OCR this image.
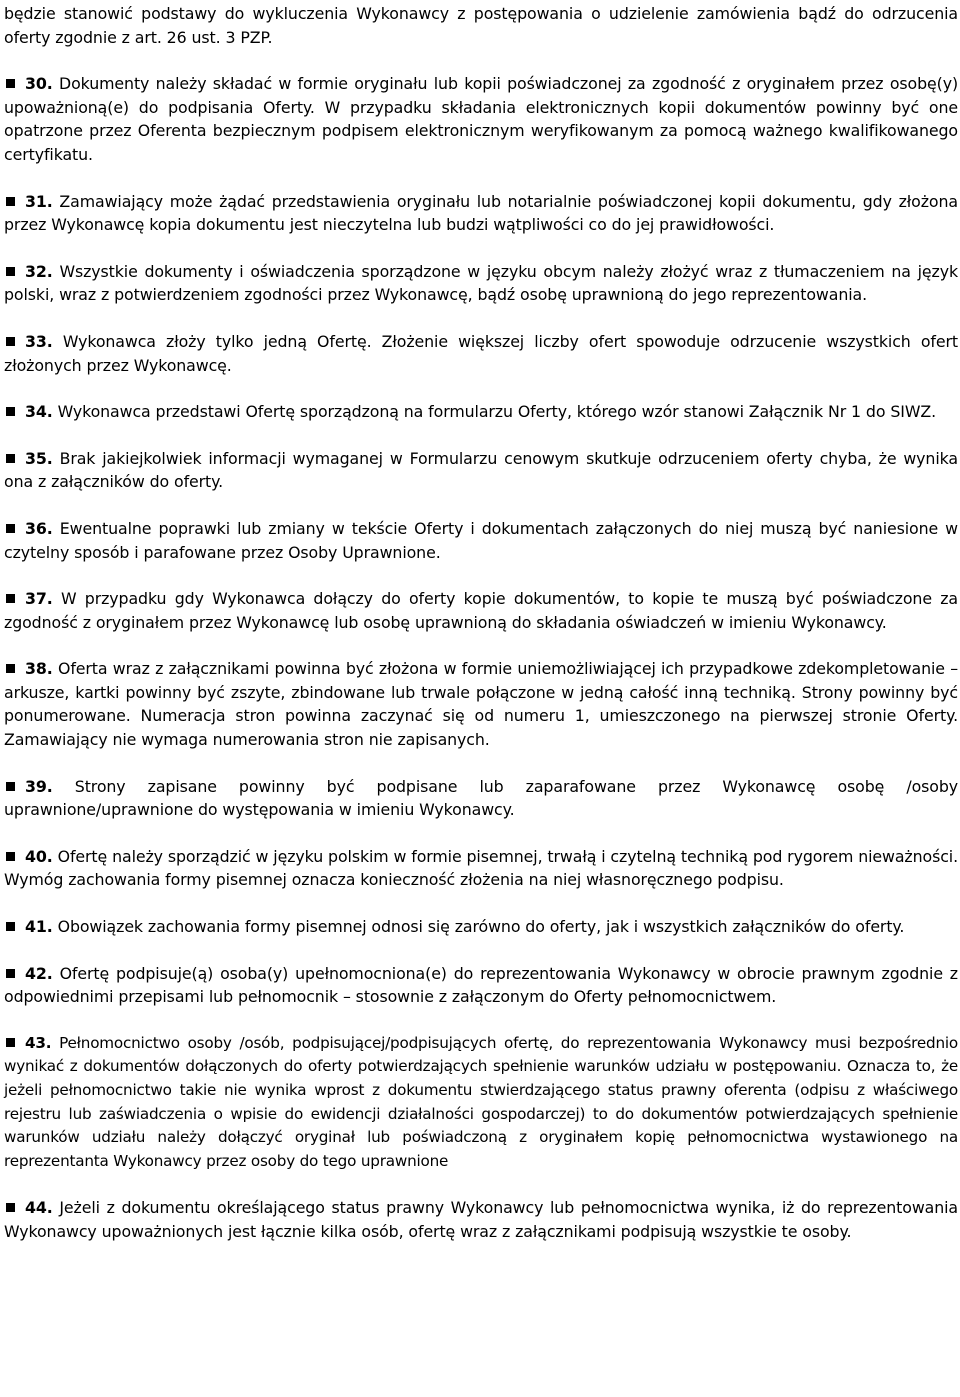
będzie stanowić podstawy do wykluczenia Wykonawcy z postępowania o udzielenie zamówienia bądź do odrzucenia oferty zgodnie z art. 26 ust. 3 PZP.

30. Dokumenty należy składać w formie oryginału lub kopii poświadczonej za zgodność z oryginałem przez osobę(y) upoważnioną(e) do podpisania Oferty. W przypadku składania elektronicznych kopii dokumentów powinny być one opatrzone przez Oferenta bezpiecznym podpisem elektronicznym weryfikowanym za pomocą ważnego kwalifikowanego certyfikatu.

31. Zamawiający może żądać przedstawienia oryginału lub notarialnie poświadczonej kopii dokumentu, gdy złożona przez Wykonawcę kopia dokumentu jest nieczytelna lub budzi wątpliwości co do jej prawidłowości.

32. Wszystkie dokumenty i oświadczenia sporządzone w języku obcym należy złożyć wraz z tłumaczeniem na język polski, wraz z potwierdzeniem zgodności przez Wykonawcę, bądź osobę uprawnioną do jego reprezentowania.

33. Wykonawca złoży tylko jedną Ofertę. Złożenie większej liczby ofert spowoduje odrzucenie wszystkich ofert złożonych przez Wykonawcę.

34. Wykonawca przedstawi Ofertę sporządzoną na formularzu Oferty, którego wzór stanowi Załącznik Nr 1 do SIWZ.

35. Brak jakiejkolwiek informacji wymaganej w Formularzu cenowym skutkuje odrzuceniem oferty chyba, że wynika ona z załączników do oferty.

36. Ewentualne poprawki lub zmiany w tekście Oferty i dokumentach załączonych do niej muszą być naniesione w czytelny sposób i parafowane przez Osoby Uprawnione.

37. W przypadku gdy Wykonawca dołączy do oferty kopie dokumentów, to kopie te muszą być poświadczone za zgodność z oryginałem przez Wykonawcę lub osobę uprawnioną do składania oświadczeń w imieniu Wykonawcy.

38. Oferta wraz z załącznikami powinna być złożona w formie uniemożliwiającej ich przypadkowe zdekompletowanie – arkusze, kartki powinny być zszyte, zbindowane lub trwale połączone w jedną całość inną techniką. Strony powinny być ponumerowane. Numeracja stron powinna zaczynać się od numeru 1, umieszczonego na pierwszej stronie Oferty. Zamawiający nie wymaga numerowania stron nie zapisanych.

39. Strony zapisane powinny być podpisane lub zaparafowane przez Wykonawcę osobę /osoby uprawnione/uprawnione do występowania w imieniu Wykonawcy.

40. Ofertę należy sporządzić w języku polskim w formie pisemnej, trwałą i czytelną techniką pod rygorem nieważności. Wymóg zachowania formy pisemnej oznacza konieczność złożenia na niej własnoręcznego podpisu.

41. Obowiązek zachowania formy pisemnej odnosi się zarówno do oferty, jak i wszystkich załączników do oferty.

42. Ofertę podpisuje(ą) osoba(y) upełnomocniona(e) do reprezentowania Wykonawcy w obrocie prawnym zgodnie z odpowiednimi przepisami lub pełnomocnik – stosownie z załączonym do Oferty pełnomocnictwem.

43. Pełnomocnictwo osoby /osób, podpisującej/podpisujących ofertę, do reprezentowania Wykonawcy musi bezpośrednio wynikać z dokumentów dołączonych do oferty potwierdzających spełnienie warunków udziału w postępowaniu. Oznacza to, że jeżeli pełnomocnictwo takie nie wynika wprost z dokumentu stwierdzającego status prawny oferenta (odpisu z właściwego rejestru lub zaświadczenia o wpisie do ewidencji działalności gospodarczej) to do dokumentów potwierdzających spełnienie warunków udziału należy dołączyć oryginał lub poświadczoną z oryginałem kopię pełnomocnictwa wystawionego na reprezentanta Wykonawcy przez osoby do tego uprawnione

44. Jeżeli z dokumentu określającego status prawny Wykonawcy lub pełnomocnictwa wynika, iż do reprezentowania Wykonawcy upoważnionych jest łącznie kilka osób, ofertę wraz z załącznikami podpisują wszystkie te osoby.
